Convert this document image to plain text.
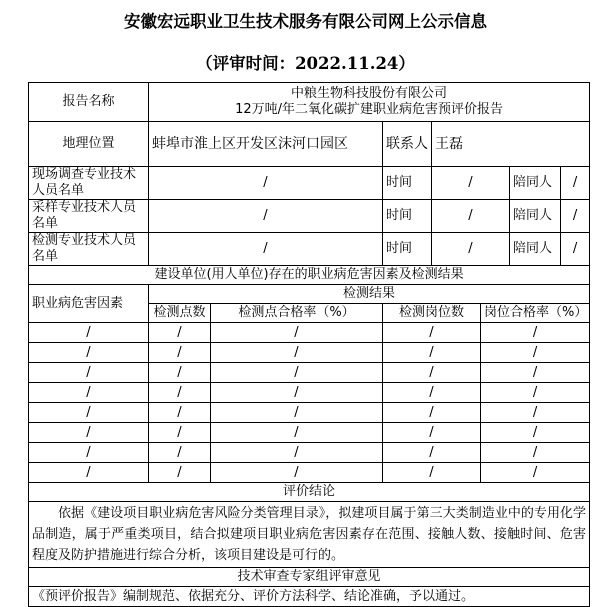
安徽宏远职业卫生技术服务有限公司网上公示信息
（评审时间：2022.11.24）
报告名称	中粮生物科技股份有限公司
12万吨/年二氧化碳扩建职业病危害预评价报告						

地理位置	蚌埠市淮上区开发区沫河口园区		联系人	王磊			
现场调查专业技术人员名单	/		时间	/		陪同人	/
采样专业技术人员名单	/		时间	/		陪同人	/
检测专业技术人员名单	/		时间	/		陪同人	/
建设单位(用人单位)存在的职业病危害因素及检测结果							
职业病危害因素	检测结果						
	检测点数	检测点合格率（%）	检测岗位数		岗位合格率（%）		
/	/	/	/		/		
/	/	/	/		/		
/	/	/	/		/		
/	/	/	/		/		
/	/	/	/		/		
/	/	/	/		/		
/	/	/	/		/		
/	/	/	/		/		
评价结论							
依据《建设项目职业病危害风险分类管理目录》，拟建项目属于第三大类制造业中的专用化学品制造，属于严重类项目，结合拟建项目职业病危害因素存在范围、接触人数、接触时间、危害程度及防护措施进行综合分析，该项目建设是可行的。							
技术审查专家组评审意见							
《预评价报告》编制规范、依据充分、评价方法科学、结论准确，予以通过。							
